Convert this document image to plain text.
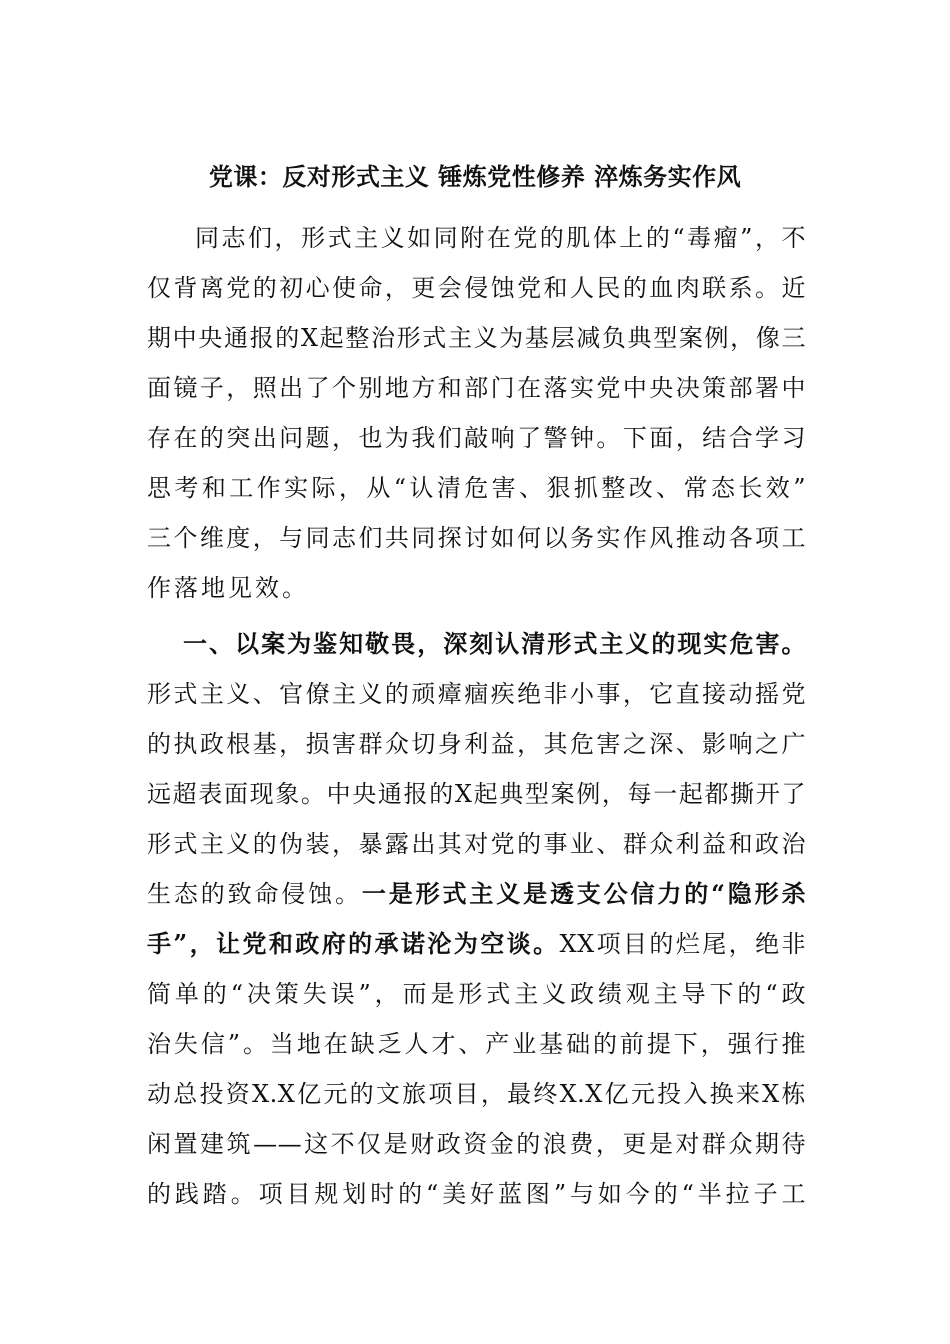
党课：反对形式主义 锤炼党性修养 淬炼务实作风
同志们，形式主义如同附在党的肌体上的“毒瘤”，不
仅背离党的初心使命，更会侵蚀党和人民的血肉联系。近
期中央通报的X起整治形式主义为基层减负典型案例，像三
面镜子，照出了个别地方和部门在落实党中央决策部署中
存在的突出问题，也为我们敲响了警钟。下面，结合学习
思考和工作实际，从“认清危害、狠抓整改、常态长效”
三个维度，与同志们共同探讨如何以务实作风推动各项工
作落地见效。
一、以案为鉴知敬畏，深刻认清形式主义的现实危害。
形式主义、官僚主义的顽瘴痼疾绝非小事，它直接动摇党
的执政根基，损害群众切身利益，其危害之深、影响之广
远超表面现象。中央通报的X起典型案例，每一起都撕开了
形式主义的伪装，暴露出其对党的事业、群众利益和政治
生态的致命侵蚀。一是形式主义是透支公信力的“隐形杀
手”，让党和政府的承诺沦为空谈。XX项目的烂尾，绝非
简单的“决策失误”，而是形式主义政绩观主导下的“政
治失信”。当地在缺乏人才、产业基础的前提下，强行推
动总投资X.X亿元的文旅项目，最终X.X亿元投入换来X栋
闲置建筑——这不仅是财政资金的浪费，更是对群众期待
的践踏。项目规划时的“美好蓝图”与如今的“半拉子工
